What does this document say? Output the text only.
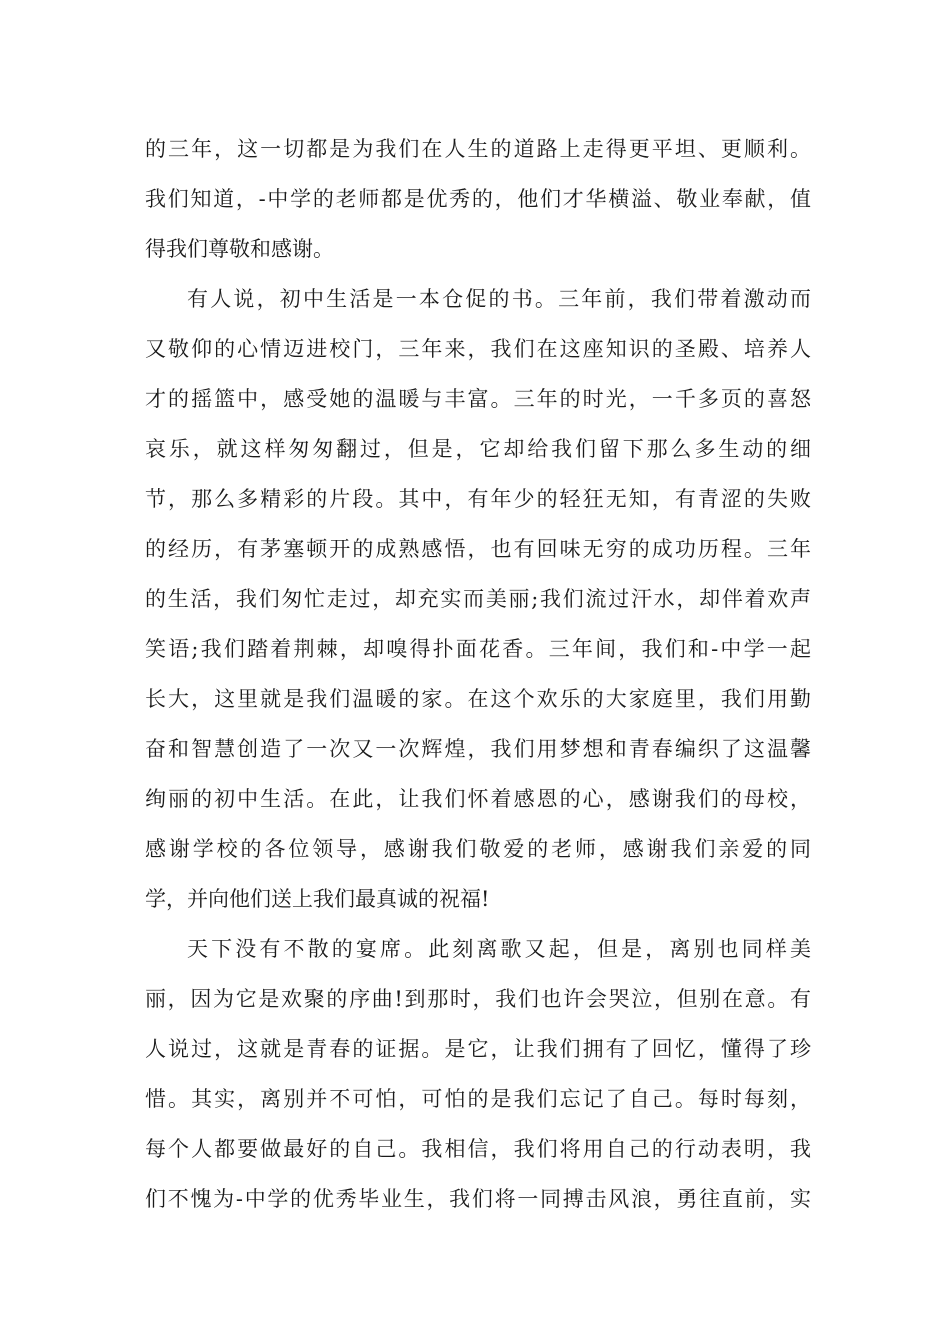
的三年，这一切都是为我们在人生的道路上走得更平坦、更顺利。
我们知道，-中学的老师都是优秀的，他们才华横溢、敬业奉献，值
得我们尊敬和感谢。
有人说，初中生活是一本仓促的书。三年前，我们带着激动而
又敬仰的心情迈进校门，三年来，我们在这座知识的圣殿、培养人
才的摇篮中，感受她的温暖与丰富。三年的时光，一千多页的喜怒
哀乐，就这样匆匆翻过，但是，它却给我们留下那么多生动的细
节，那么多精彩的片段。其中，有年少的轻狂无知，有青涩的失败
的经历，有茅塞顿开的成熟感悟，也有回味无穷的成功历程。三年
的生活，我们匆忙走过，却充实而美丽;我们流过汗水，却伴着欢声
笑语;我们踏着荆棘，却嗅得扑面花香。三年间，我们和-中学一起
长大，这里就是我们温暖的家。在这个欢乐的大家庭里，我们用勤
奋和智慧创造了一次又一次辉煌，我们用梦想和青春编织了这温馨
绚丽的初中生活。在此，让我们怀着感恩的心，感谢我们的母校，
感谢学校的各位领导，感谢我们敬爱的老师，感谢我们亲爱的同
学，并向他们送上我们最真诚的祝福!
天下没有不散的宴席。此刻离歌又起，但是，离别也同样美
丽，因为它是欢聚的序曲!到那时，我们也许会哭泣，但别在意。有
人说过，这就是青春的证据。是它，让我们拥有了回忆，懂得了珍
惜。其实，离别并不可怕，可怕的是我们忘记了自己。每时每刻，
每个人都要做最好的自己。我相信，我们将用自己的行动表明，我
们不愧为-中学的优秀毕业生，我们将一同搏击风浪，勇往直前，实
